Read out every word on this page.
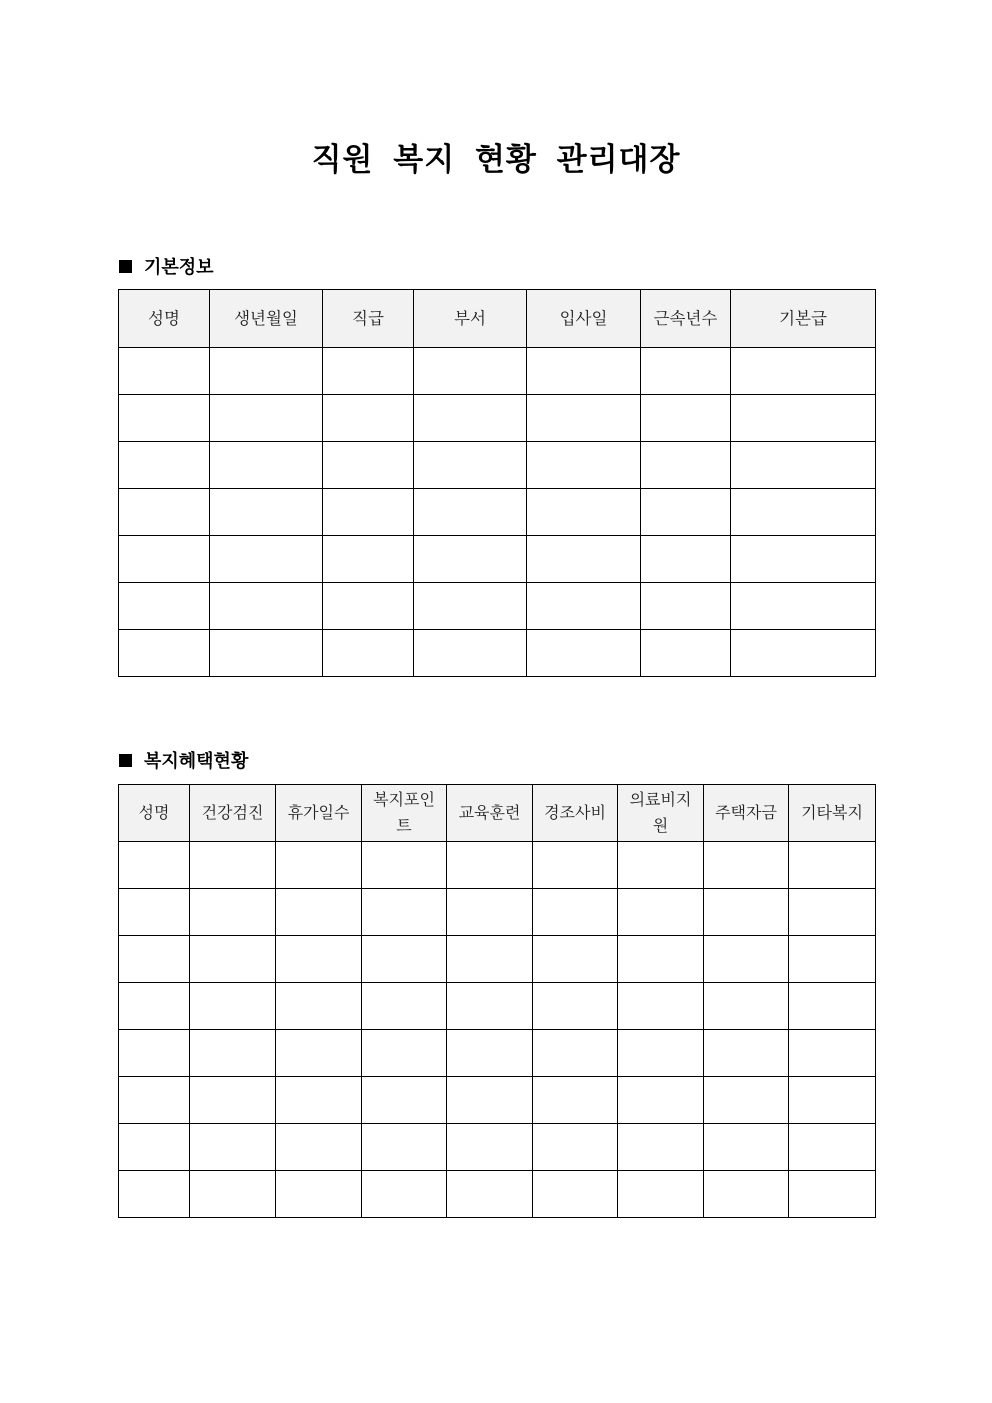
직원 복지 현황 관리대장
기본정보
성명	생년월일	직급	부서	입사일	근속년수	기본급

복지혜택현황
성명	건강검진	휴가일수	복지포인트	교육훈련	경조사비	의료비지원	주택자금	기타복지
